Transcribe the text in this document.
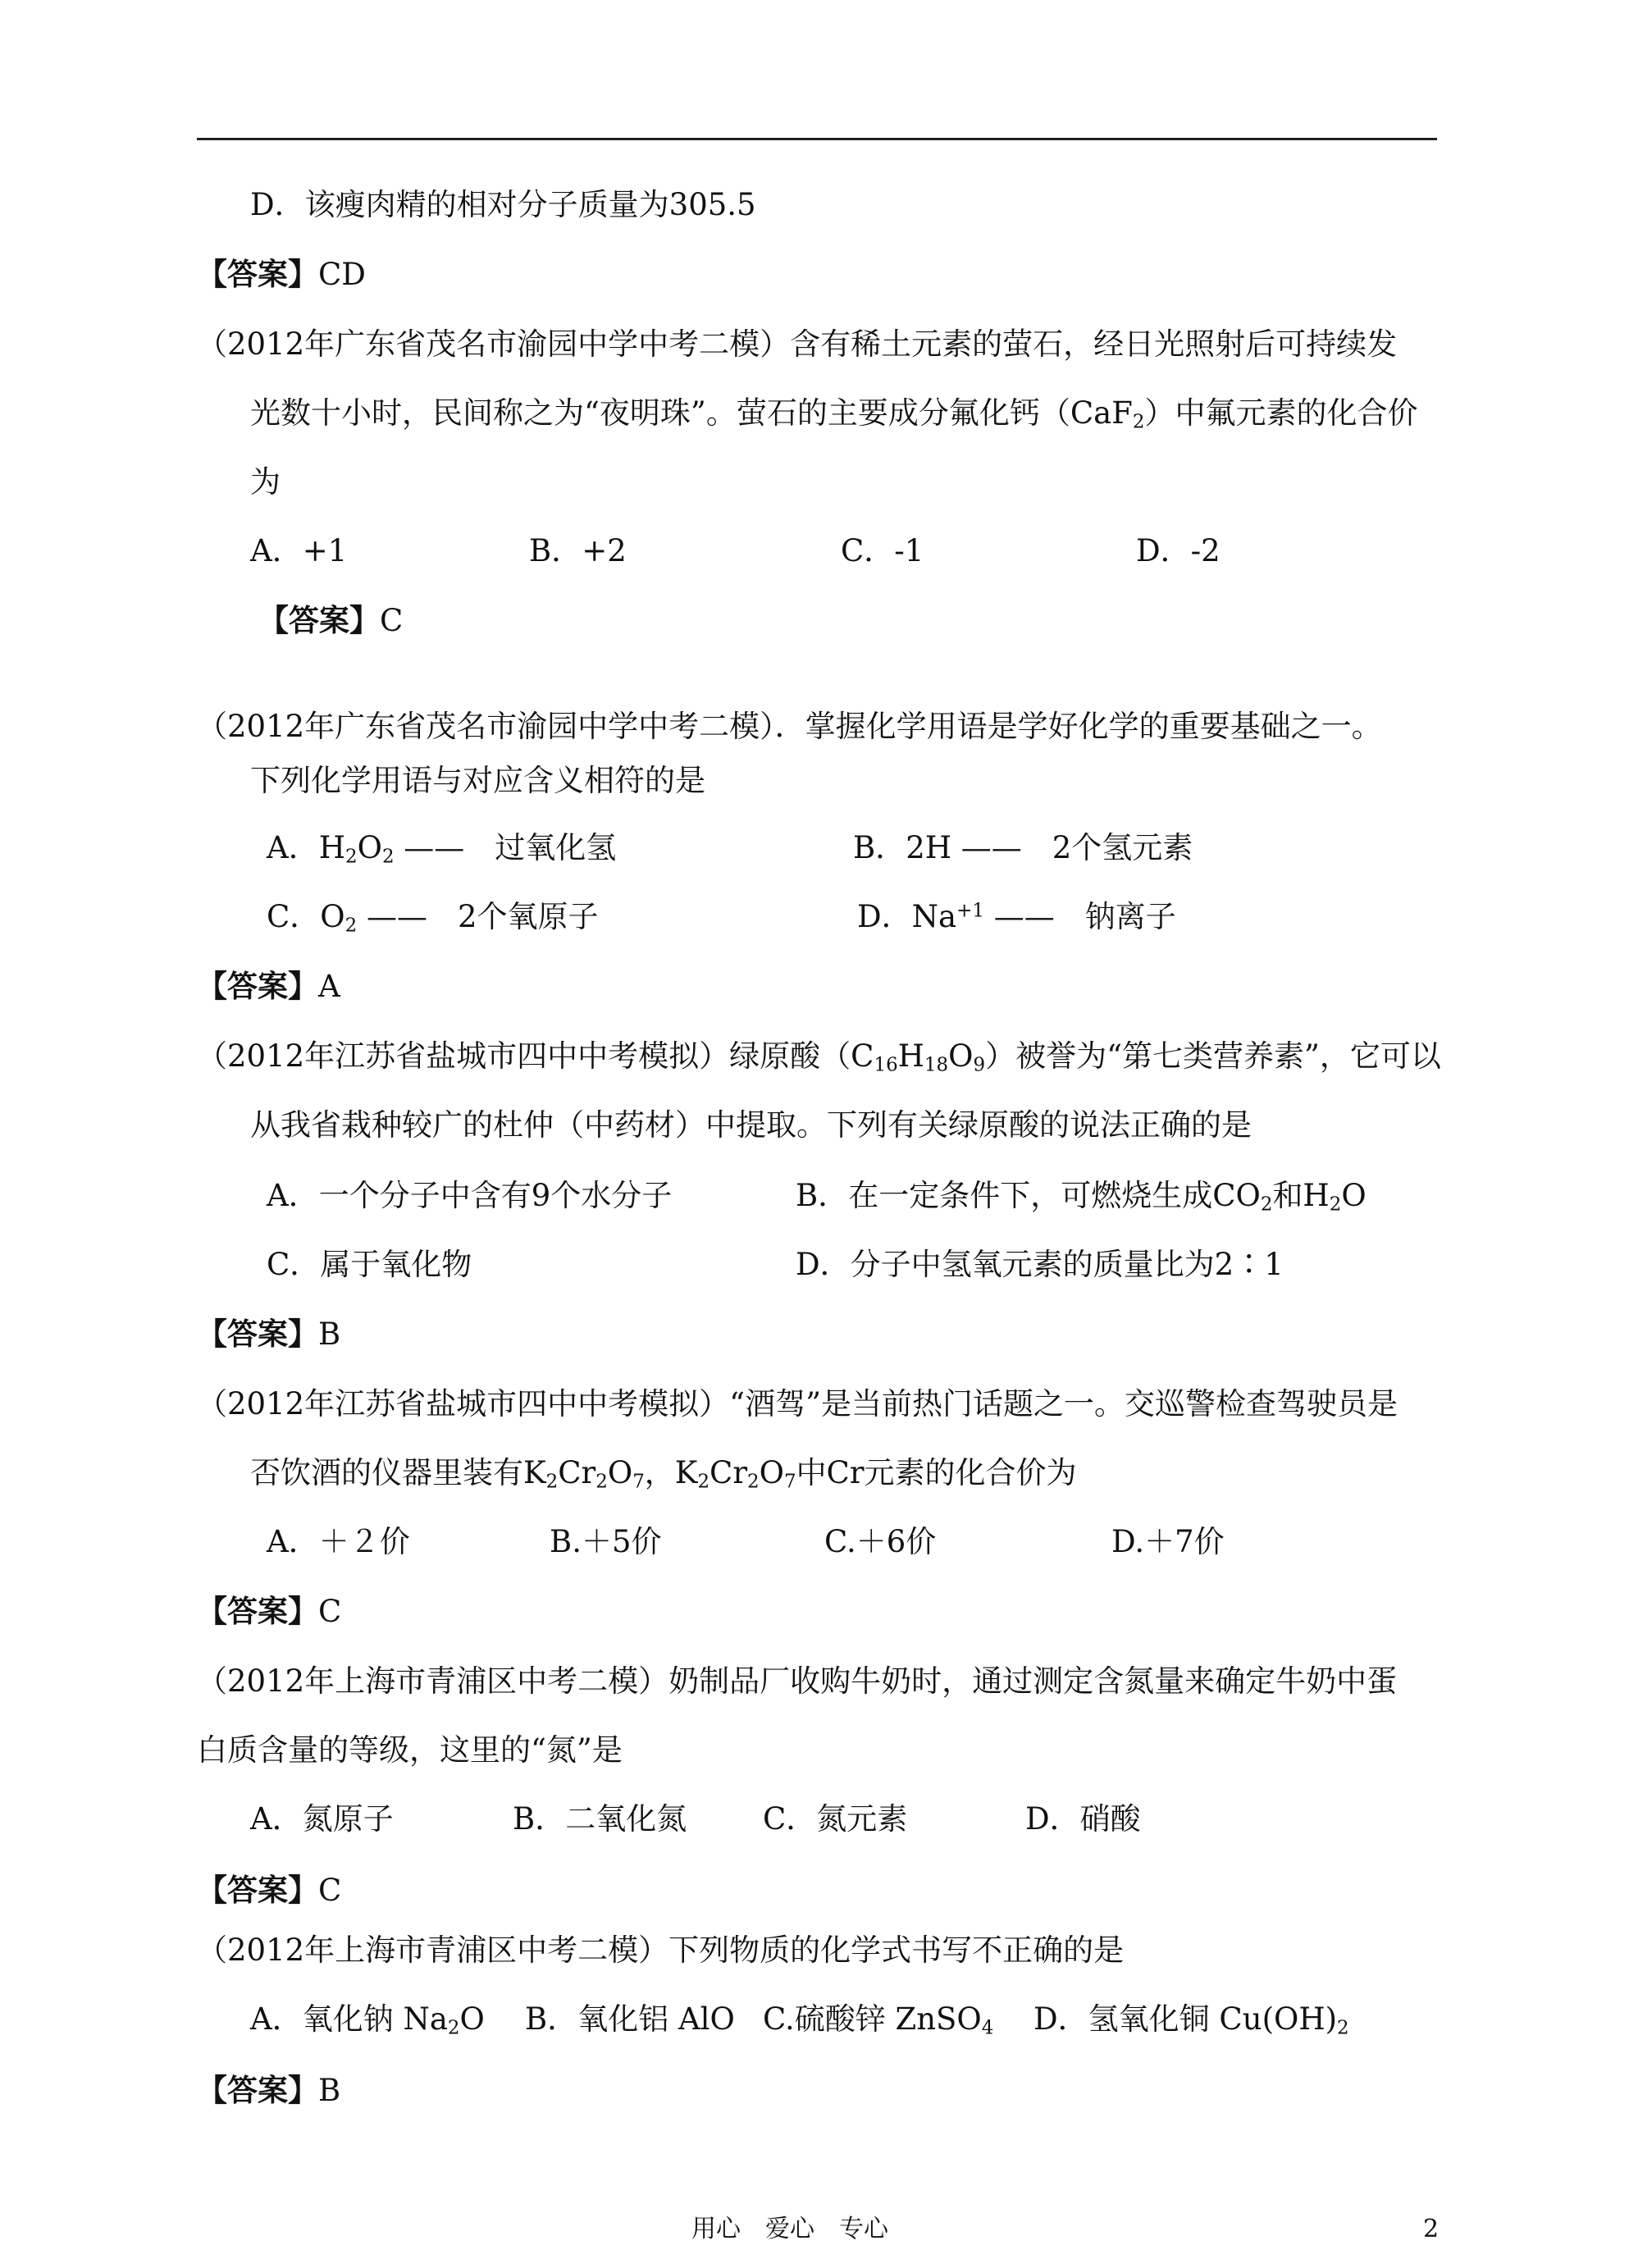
D．该瘦肉精的相对分子质量为305.5
【答案】CD
（2012年广东省茂名市渝园中学中考二模）含有稀土元素的萤石，经日光照射后可持续发
光数十小时，民间称之为“夜明珠”。萤石的主要成分氟化钙（CaF$_2$）中氟元素的化合价
为
A．+1	B．+2	C．-1	D．-2
【答案】C
（2012年广东省茂名市渝园中学中考二模）．掌握化学用语是学好化学的重要基础之一。
下列化学用语与对应含义相符的是
A．$H_2O_2$ ——　过氧化氢	B．2H ——　2个氢元素
C．$O_2$ ——　2个氧原子	D．$Na^{+1}$ ——　钠离子
【答案】A
（2012年江苏省盐城市四中中考模拟）绿原酸$(C_{16}H_{18}O_9)$被誉为“第七类营养素”，它可以
从我省栽种较广的杜仲（中药材）中提取。下列有关绿原酸的说法正确的是
A．一个分子中含有9个水分子	B．在一定条件下，可燃烧生成$CO_2$和$H_2O$
C．属于氧化物	D．分子中氢氧元素的质量比为2∶1
【答案】B
（2012年江苏省盐城市四中中考模拟）“酒驾”是当前热门话题之一。交巡警检查驾驶员是
否饮酒的仪器里装有$K_2Cr_2O_7$，$K_2Cr_2O_7$中Cr元素的化合价为
A．＋２价	B.＋5价	C.＋6价	D.＋7价
【答案】C
（2012年上海市青浦区中考二模）奶制品厂收购牛奶时，通过测定含氮量来确定牛奶中蛋
白质含量的等级，这里的“氮”是
A．氮原子	B．二氧化氮	C．氮元素	D．硝酸
【答案】C
（2012年上海市青浦区中考二模）下列物质的化学式书写不正确的是
A．氧化钠 $Na_2O$ B．氧化铝 AlO C.硫酸锌 ZnSO$_4$ D．氢氧化铜 $Cu(OH)_2$
【答案】B
用心　爱心　专心	2
